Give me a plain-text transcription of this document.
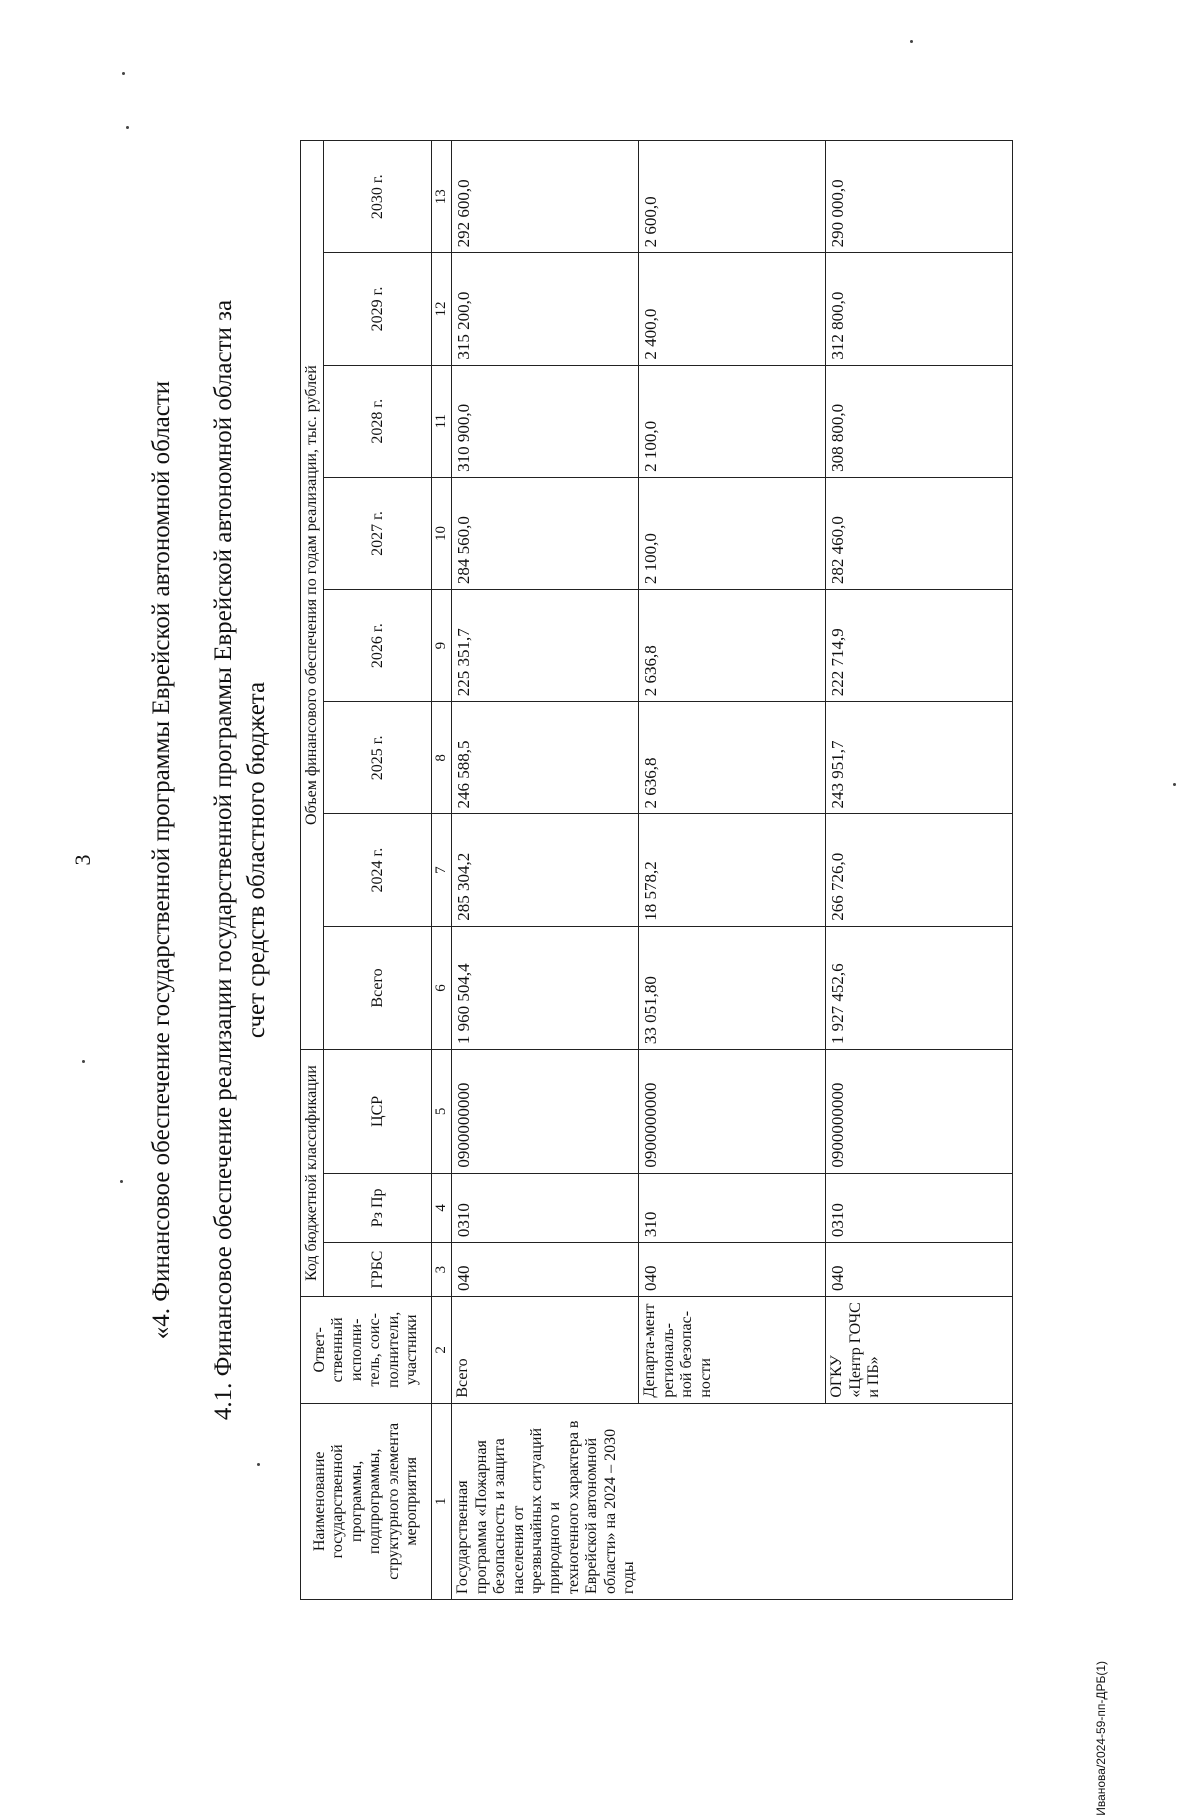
3 «4. Финансовое обеспечение государственной программы Еврейской автономной области 4.1. Финансовое обеспечение реализации государственной программы Еврейской автономной области за счет средств областного бюджета
Наименование государственной программы, подпрограммы, структурного элемента мероприятия	Ответ-ственный исполни-тель, соис-полнители, участники	Код бюджетной классификации			Объем финансового обеспечения по годам реализации, тыс. рублей							
		ГРБС	Рз Пр	ЦСР	Всего	2024 г.	2025 г.	2026 г.	2027 г.	2028 г.	2029 г.	2030 г.
1	2	3	4	5	6	7	8	9	10	11	12	13
Государственная программа «Пожарная безопасность и защита населения от чрезвычайных ситуаций природного и техногенного характера в Еврейской автономной области» на 2024 – 2030 годы	Всего	040	0310	0900000000	1 960 504,4	285 304,2	246 588,5	225 351,7	284 560,0	310 900,0	315 200,0	292 600,0
	Департа-мент региональ-ной безопас-ности	040	310	0900000000	33 051,80	18 578,2	2 636,8	2 636,8	2 100,0	2 100,0	2 400,0	2 600,0
	ОГКУ «Центр ГОЧС и ПБ»	040	0310	0900000000	1 927 452,6	266 726,0	243 951,7	222 714,9	282 460,0	308 800,0	312 800,0	290 000,0
Иванова/2024-59-пп-ДРБ(1)
